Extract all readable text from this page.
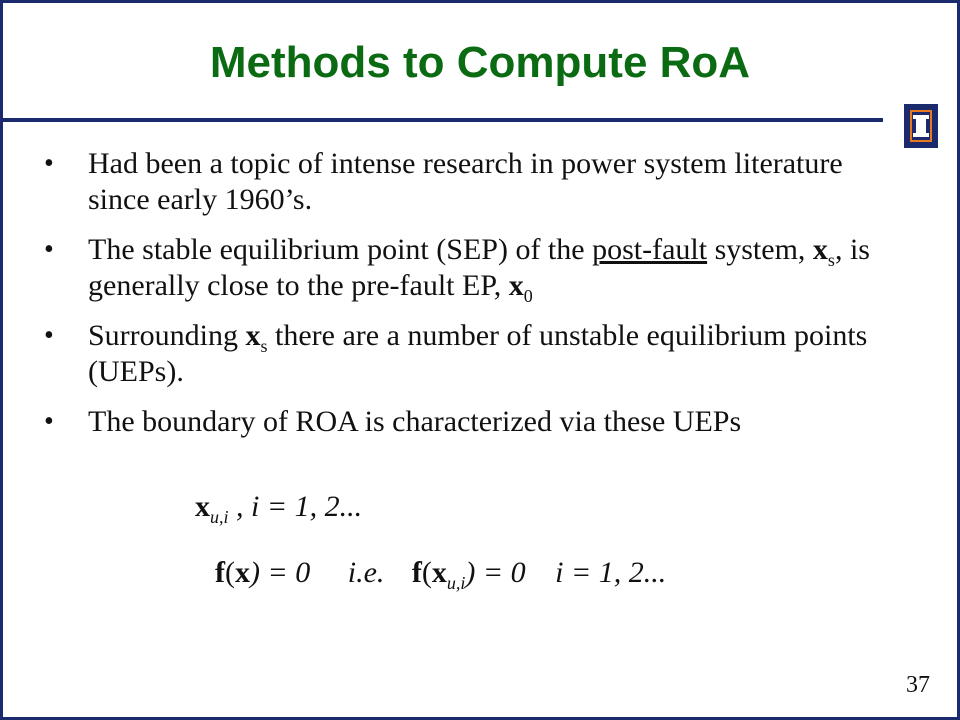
Methods to Compute RoA
• Had been a topic of intense research in power system literature since early 1960’s.
• The stable equilibrium point (SEP) of the post-fault system, $x_s$, is generally close to the pre-fault EP, $x_0$
• Surrounding $x_s$ there are a number of unstable equilibrium points (UEPs).
• The boundary of ROA is characterized via these UEPs
$x_{u,i}$ , i = 1, 2...
f(x) = 0 i.e. $f(x_{u,i}) = 0$ i = 1, 2...
37
